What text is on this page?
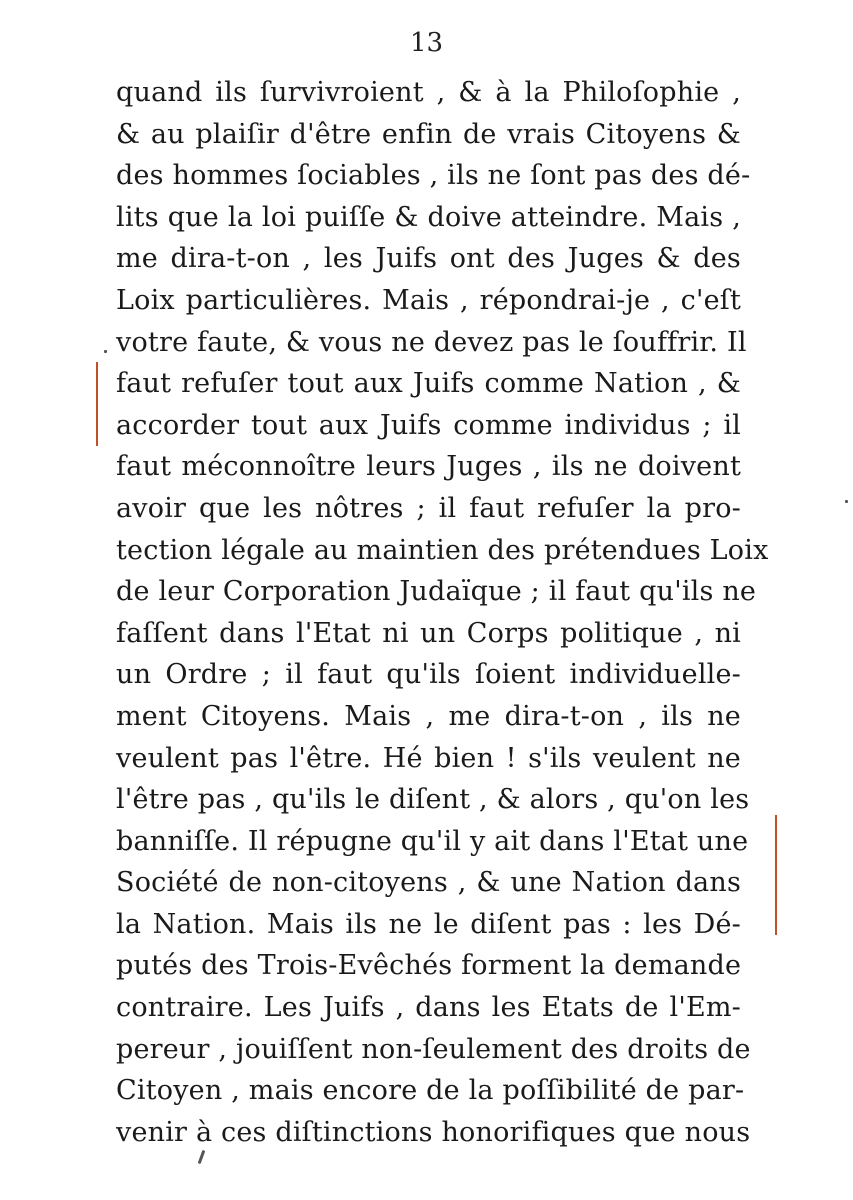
13
quand ils ſurvivroient , & à la Philoſophie ,
& au plaiſir d'être enfin de vrais Citoyens &
des hommes ſociables , ils ne ſont pas des dé-
lits que la loi puiſſe & doive atteindre. Mais ,
me dira-t-on , les Juifs ont des Juges & des
Loix particulières. Mais , répondrai-je , c'eſt
votre faute, & vous ne devez pas le ſouffrir. Il
faut refuſer tout aux Juifs comme Nation , &
accorder tout aux Juifs comme individus ; il
faut méconnoître leurs Juges , ils ne doivent
avoir que les nôtres ; il faut refuſer la pro-
tection légale au maintien des prétendues Loix
de leur Corporation Judaïque ; il faut qu'ils ne
faſſent dans l'Etat ni un Corps politique , ni
un Ordre ; il faut qu'ils ſoient individuelle-
ment Citoyens. Mais , me dira-t-on , ils ne
veulent pas l'être. Hé bien ! s'ils veulent ne
l'être pas , qu'ils le diſent , & alors , qu'on les
banniſſe. Il répugne qu'il y ait dans l'Etat une
Société de non-citoyens , & une Nation dans
la Nation. Mais ils ne le diſent pas : les Dé-
putés des Trois-Evêchés forment la demande
contraire. Les Juifs , dans les Etats de l'Em-
pereur , jouiſſent non-ſeulement des droits de
Citoyen , mais encore de la poſſibilité de par-
venir à ces diſtinctions honorifiques que nous
